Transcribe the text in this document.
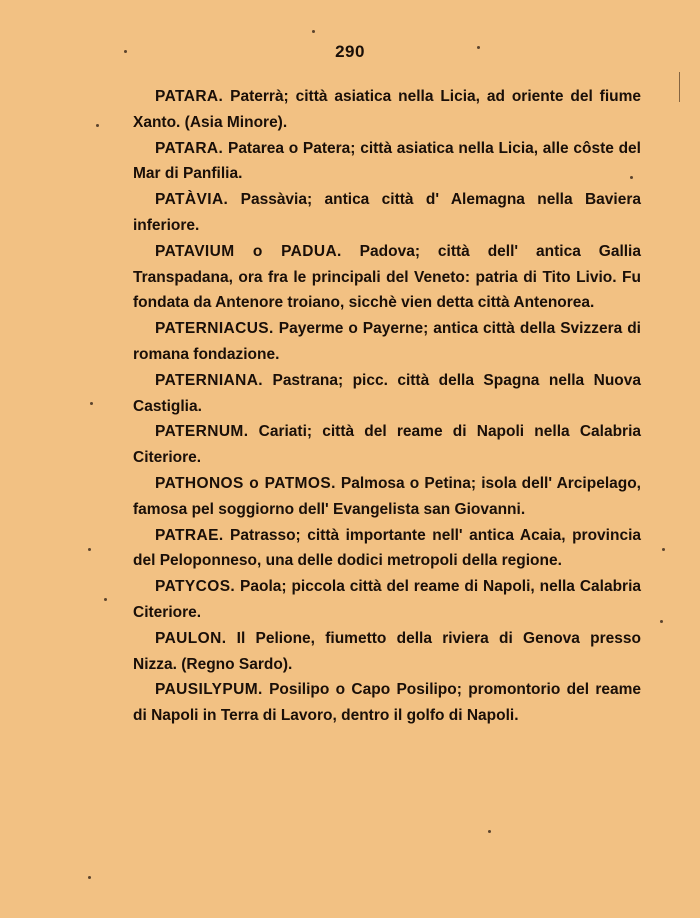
290

PATARA. Paterrà; città asiatica nella Licia, ad oriente del fiume Xanto. (Asia Minore).

PATARA. Patarea o Patera; città asiatica nella Licia, alle côste del Mar di Panfilia.

PATÀVIA. Passàvia; antica città d' Alemagna nella Baviera inferiore.

PATAVIUM o PADUA. Padova; città dell' antica Gallia Transpadana, ora fra le principali del Veneto: patria di Tito Livio. Fu fondata da Antenore troiano, sicchè vien detta città Antenorea.

PATERNIACUS. Payerme o Payerne; antica città della Svizzera di romana fondazione.

PATERNIANA. Pastrana; picc. città della Spagna nella Nuova Castiglia.

PATERNUM. Cariati; città del reame di Napoli nella Calabria Citeriore.

PATHONOS o PATMOS. Palmosa o Petina; isola dell' Arcipelago, famosa pel soggiorno dell' Evangelista san Giovanni.

PATRAE. Patrasso; città importante nell' antica Acaia, provincia del Peloponneso, una delle dodici metropoli della regione.

PATYCOS. Paola; piccola città del reame di Napoli, nella Calabria Citeriore.

PAULON. Il Pelione, fiumetto della riviera di Genova presso Nizza. (Regno Sardo).

PAUSILYPUM. Posilipo o Capo Posilipo; promontorio del reame di Napoli in Terra di Lavoro, dentro il golfo di Napoli.
